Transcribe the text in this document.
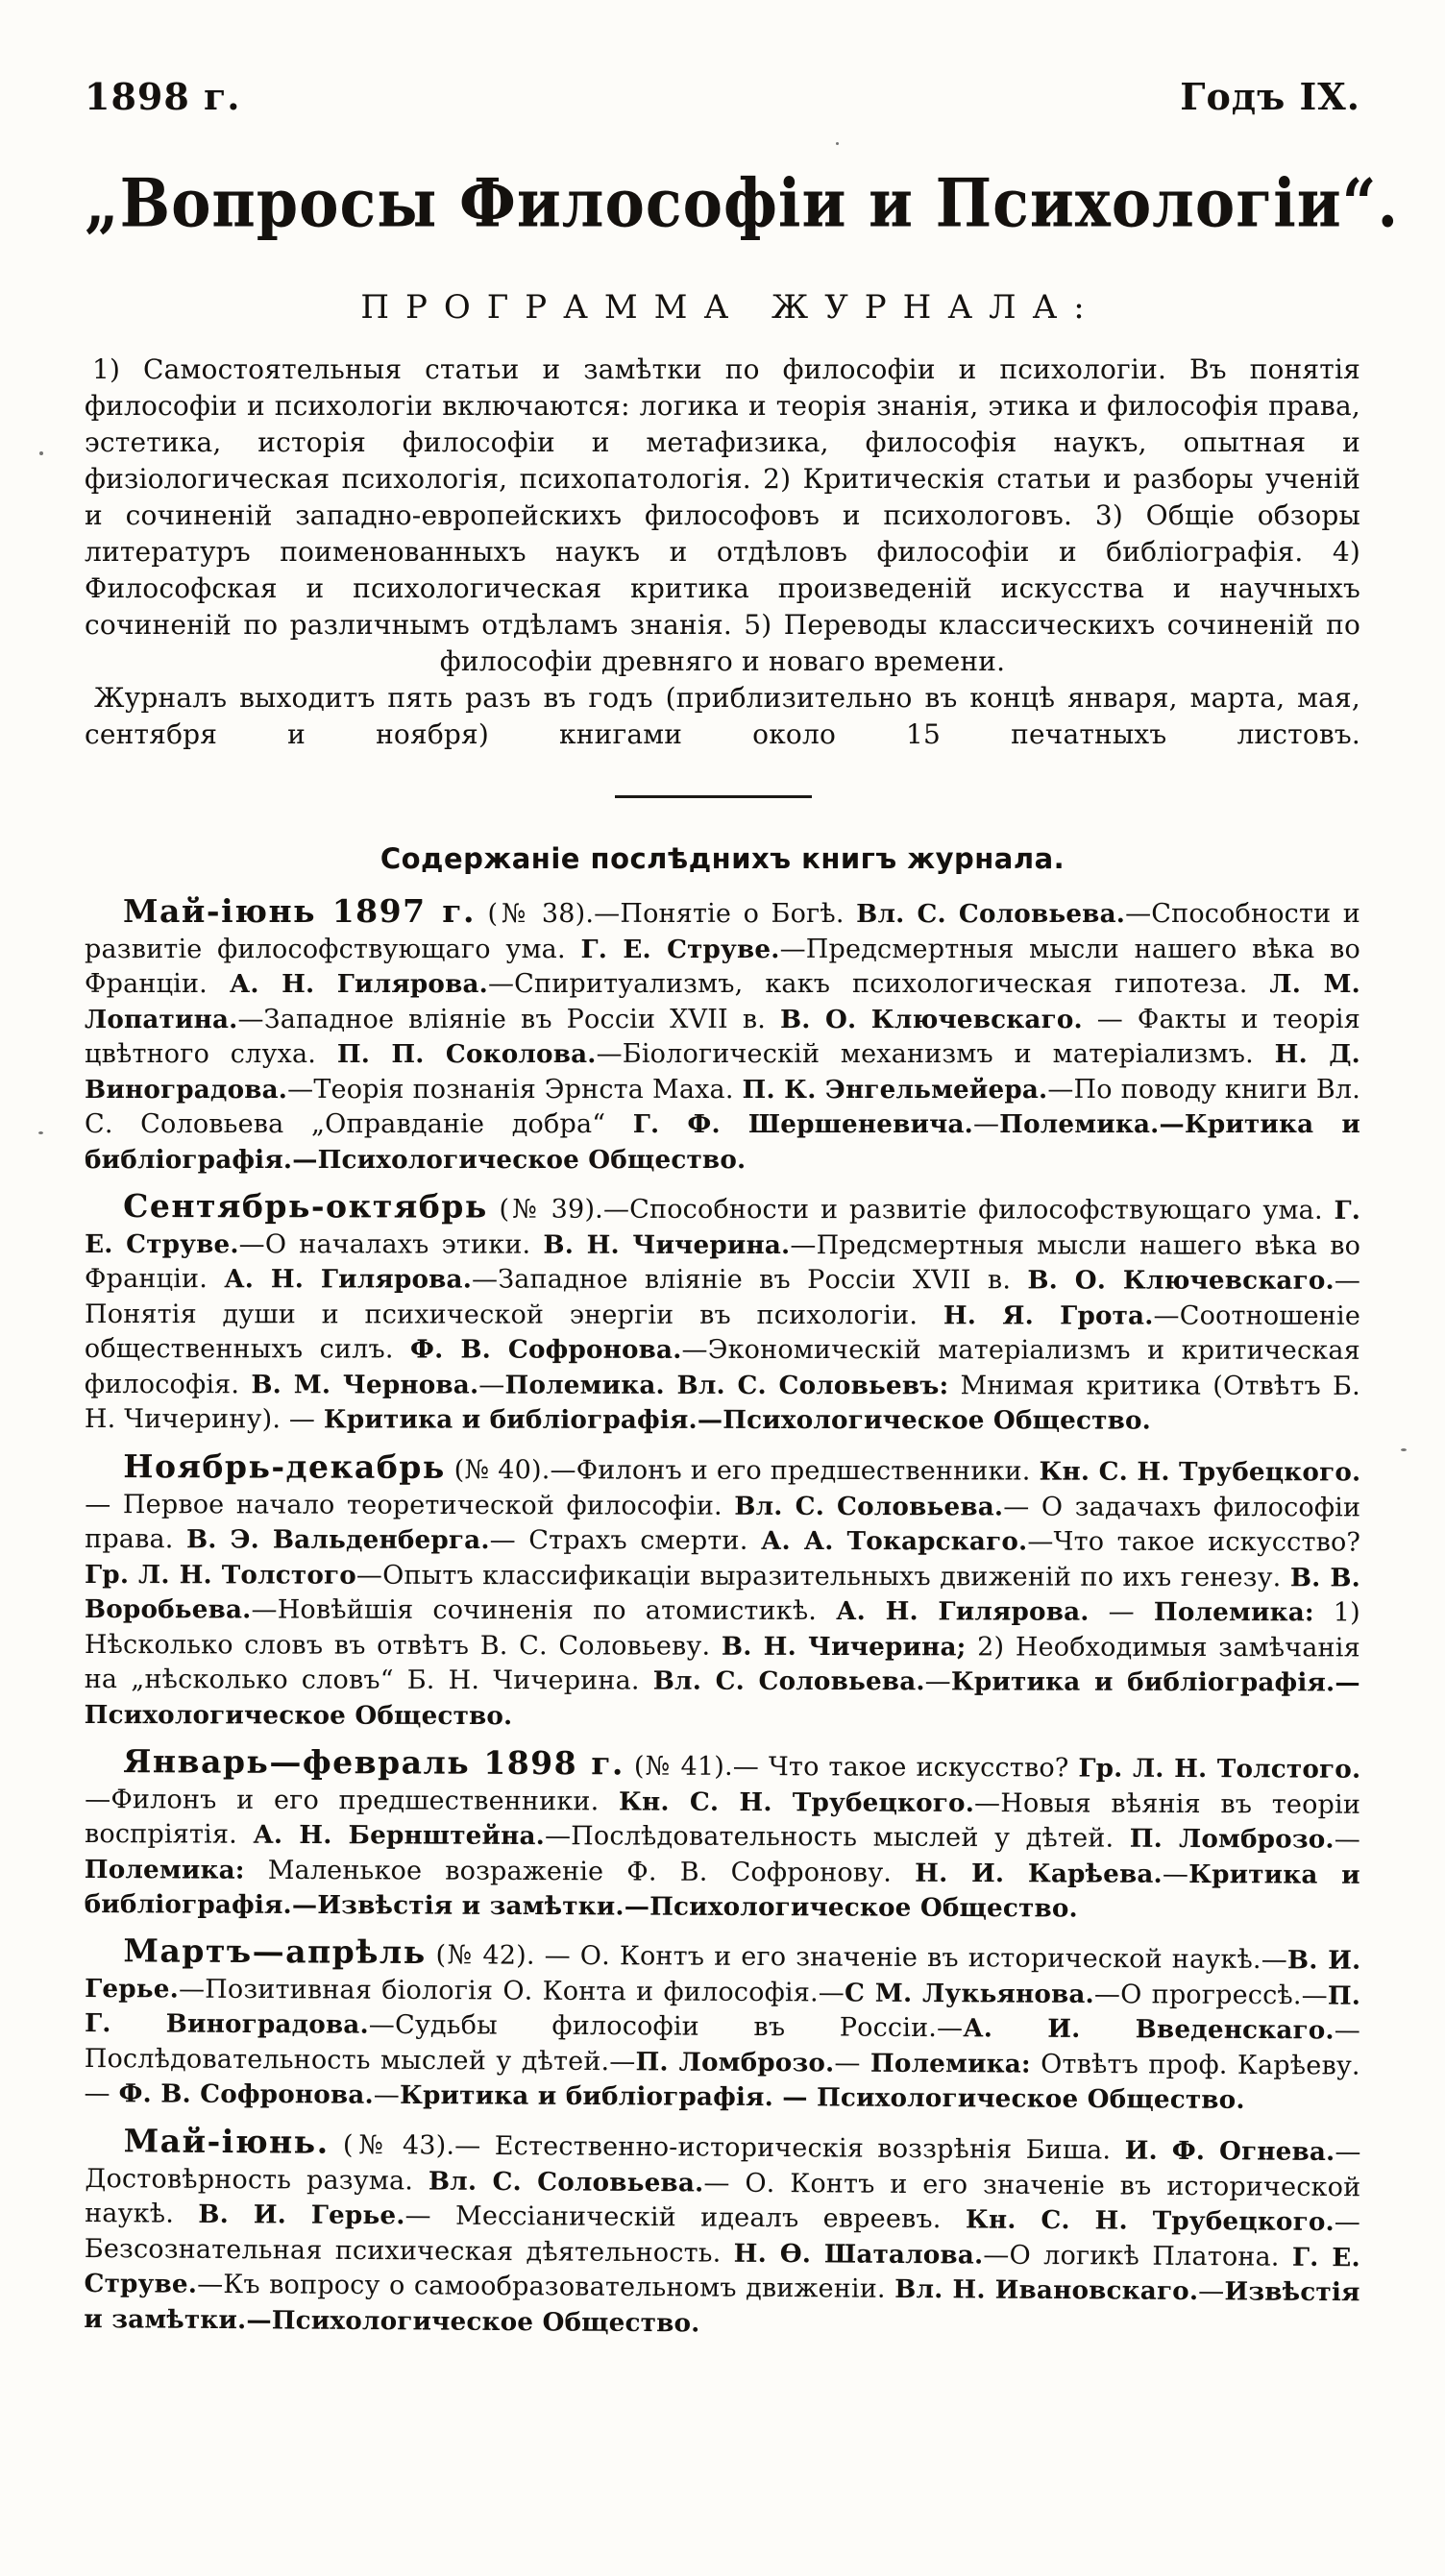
1898 г.	Годъ IX.
„Вопросы Философіи и Психологіи“.
ПРОГРАММА ЖУРНАЛА:

1) Самостоятельныя статьи и замѣтки по философіи и психологіи. Въ понятія философіи и психологіи включаются: логика и теорія знанія, этика и философія права, эстетика, исторія философіи и метафизика, философія наукъ, опытная и физіологическая психологія, психопатологія. 2) Критическія статьи и разборы ученій и сочиненій западно-европейскихъ философовъ и психологовъ. 3) Общіе обзоры литературъ поименованныхъ наукъ и отдѣловъ философіи и библіографія. 4) Философская и психологическая критика произведеній искусства и научныхъ сочиненій по различнымъ отдѣламъ знанія. 5) Переводы классическихъ сочиненій по философіи древняго и новаго времени.

Журналъ выходитъ пять разъ въ годъ (приблизительно въ концѣ января, марта, мая, сентября и ноября) книгами около 15 печатныхъ листовъ.

Содержаніе послѣднихъ книгъ журнала.

Май-іюнь 1897 г. (№ 38).—Понятіе о Богѣ. Вл. С. Соловьева.—Способности и развитіе философствующаго ума. Г. Е. Струве.—Предсмертныя мысли нашего вѣка во Франціи. А. Н. Гилярова.—Спиритуализмъ, какъ психологическая гипотеза. Л. М. Лопатина.—Западное вліяніе въ Россіи XVII в. В. О. Ключевскаго. — Факты и теорія цвѣтного слуха. П. П. Соколова.—Біологическій механизмъ и матеріализмъ. Н. Д. Виноградова.—Теорія познанія Эрнста Маха. П. К. Энгельмейера.—По поводу книги Вл. С. Соловьева „Оправданіе добра“ Г. Ф. Шершеневича.—Полемика.—Критика и библіографія.—Психологическое Общество.

Сентябрь-октябрь (№ 39).—Способности и развитіе философствующаго ума. Г. Е. Струве.—О началахъ этики. В. Н. Чичерина.—Предсмертныя мысли нашего вѣка во Франціи. А. Н. Гилярова.—Западное вліяніе въ Россіи XVII в. В. О. Ключевскаго.—Понятія души и психической энергіи въ психологіи. Н. Я. Грота.—Соотношеніе общественныхъ силъ. Ф. В. Софронова.—Экономическій матеріализмъ и критическая философія. В. М. Чернова.—Полемика. Вл. С. Соловьевъ: Мнимая критика (Отвѣтъ Б. Н. Чичерину). — Критика и библіографія.—Психологическое Общество.

Ноябрь-декабрь (№ 40).—Филонъ и его предшественники. Кн. С. Н. Трубецкого.— Первое начало теоретической философіи. Вл. С. Соловьева.— О задачахъ философіи права. В. Э. Вальденберга.— Страхъ смерти. А. А. Токарскаго.—Что такое искусство? Гр. Л. Н. Толстого—Опытъ классификаціи выразительныхъ движеній по ихъ генезу. В. В. Воробьева.—Новѣйшія сочиненія по атомистикѣ. А. Н. Гилярова. — Полемика: 1) Нѣсколько словъ въ отвѣтъ В. С. Соловьеву. В. Н. Чичерина; 2) Необходимыя замѣчанія на „нѣсколько словъ“ Б. Н. Чичерина. Вл. С. Соловьева.—Критика и библіографія.—Психологическое Общество.

Январь—февраль 1898 г. (№ 41).— Что такое искусство? Гр. Л. Н. Толстого.—Филонъ и его предшественники. Кн. С. Н. Трубецкого.—Новыя вѣянія въ теоріи воспріятія. А. Н. Бернштейна.—Послѣдовательность мыслей у дѣтей. П. Ломброзо.—Полемика: Маленькое возраженіе Ф. В. Софронову. Н. И. Карѣева.—Критика и библіографія.—Извѣстія и замѣтки.—Психологическое Общество.

Мартъ—апрѣль (№ 42). — О. Контъ и его значеніе въ исторической наукѣ.—В. И. Герье.—Позитивная біологія О. Конта и философія.—С М. Лукьянова.—О прогрессѣ.—П. Г. Виноградова.—Судьбы философіи въ Россіи.—А. И. Введенскаго.— Послѣдовательность мыслей у дѣтей.—П. Ломброзо.— Полемика: Отвѣтъ проф. Карѣеву.— Ф. В. Софронова.—Критика и библіографія. — Психологическое Общество.

Май-іюнь. (№ 43).— Естественно-историческія воззрѣнія Биша. И. Ф. Огнева.—Достовѣрность разума. Вл. С. Соловьева.— О. Контъ и его значеніе въ исторической наукѣ. В. И. Герье.— Мессіаническій идеалъ евреевъ. Кн. С. Н. Трубецкого.— Безсознательная психическая дѣятельность. Н. Ѳ. Шаталова.—О логикѣ Платона. Г. Е. Струве.—Къ вопросу о самообразовательномъ движеніи. Вл. Н. Ивановскаго.—Извѣстія и замѣтки.—Психологическое Общество.
